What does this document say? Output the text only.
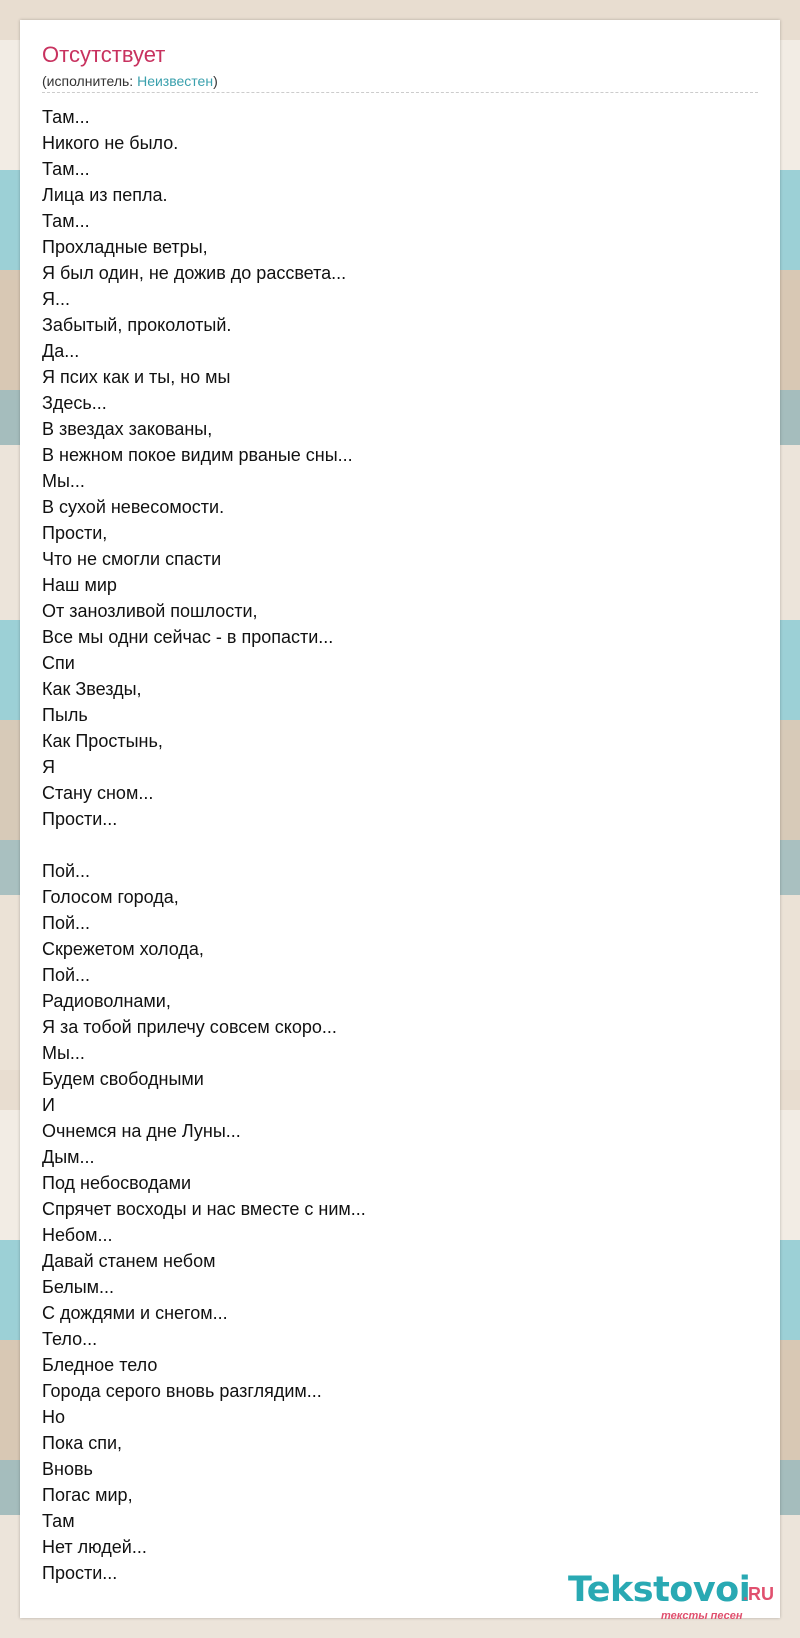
Отсутствует
(исполнитель: Неизвестен)
Там...
Никого не было.
Там...
Лица из пепла.
Там...
Прохладные ветры,
Я был один, не дожив до рассвета...
Я...
Забытый, проколотый.
Да...
Я псих как и ты, но мы
Здесь...
В звездах закованы,
В нежном покое видим рваные сны...
Мы...
В сухой невесомости.
Прости,
Что не смогли спасти
Наш мир
От занозливой пошлости,
Все мы одни сейчас - в пропасти...
Спи
Как Звезды,
Пыль
Как Простынь,
Я
Стану сном...
Прости...
Пой...
Голосом города,
Пой...
Скрежетом холода,
Пой...
Радиоволнами,
Я за тобой прилечу совсем скоро...
Мы...
Будем свободными
И
Очнемся на дне Луны...
Дым...
Под небосводами
Спрячет восходы и нас вместе с ним...
Небом...
Давай станем небом
Белым...
С дождями и снегом...
Тело...
Бледное тело
Города серого вновь разглядим...
Но
Пока спи,
Вновь
Погас мир,
Там
Нет людей...
Прости...	Tekstovoi
.RU
тексты песен
